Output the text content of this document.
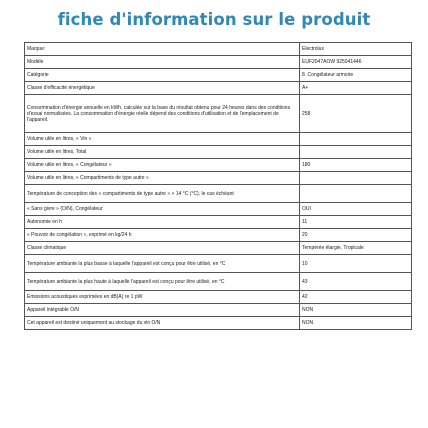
fiche d'information sur le produit
Marque:	Electrolux
Modèle	EUF2047AOW 925041446
Catégorie	8. Congélateur armoire
Classe d'efficacité énergétique	A+
Consommation d'énergie annuelle en kWh, calculée sur la base du résultat obtenu pour 24 heures dans des conditions d'essai normalisées. La consommation d'énergie réelle dépend des conditions d'utilisation et de l'emplacement de l'appareil.	258
Volume utile en litres, « Vin »	
Volume utile en litres, Total	
Volume utile en litres, « Congélateur »	180
Volume utile en litres, « Compartiments de type autre »	
Température de conception des « compartiments de type autre » > 14 °C (°C), le cas échéant	
« Sans givre » (O/N), Congélateur	OUI
Autonomie en h	11
« Pouvoir de congélation », exprimé en kg/24 h	20
Classe climatique	Tempérée élargie, Tropicale
Température ambiante la plus basse à laquelle l'appareil est conçu pour être utilisé, en °C	10
Température ambiante la plus haute à laquelle l'appareil est conçu pour être utilisé, en °C	43
Émissions acoustiques exprimées en dB(A) re 1 pW	42
Appareil intégrable O/N	NON
Cet appareil est destiné uniquement au stockage du vin O/N	NON
